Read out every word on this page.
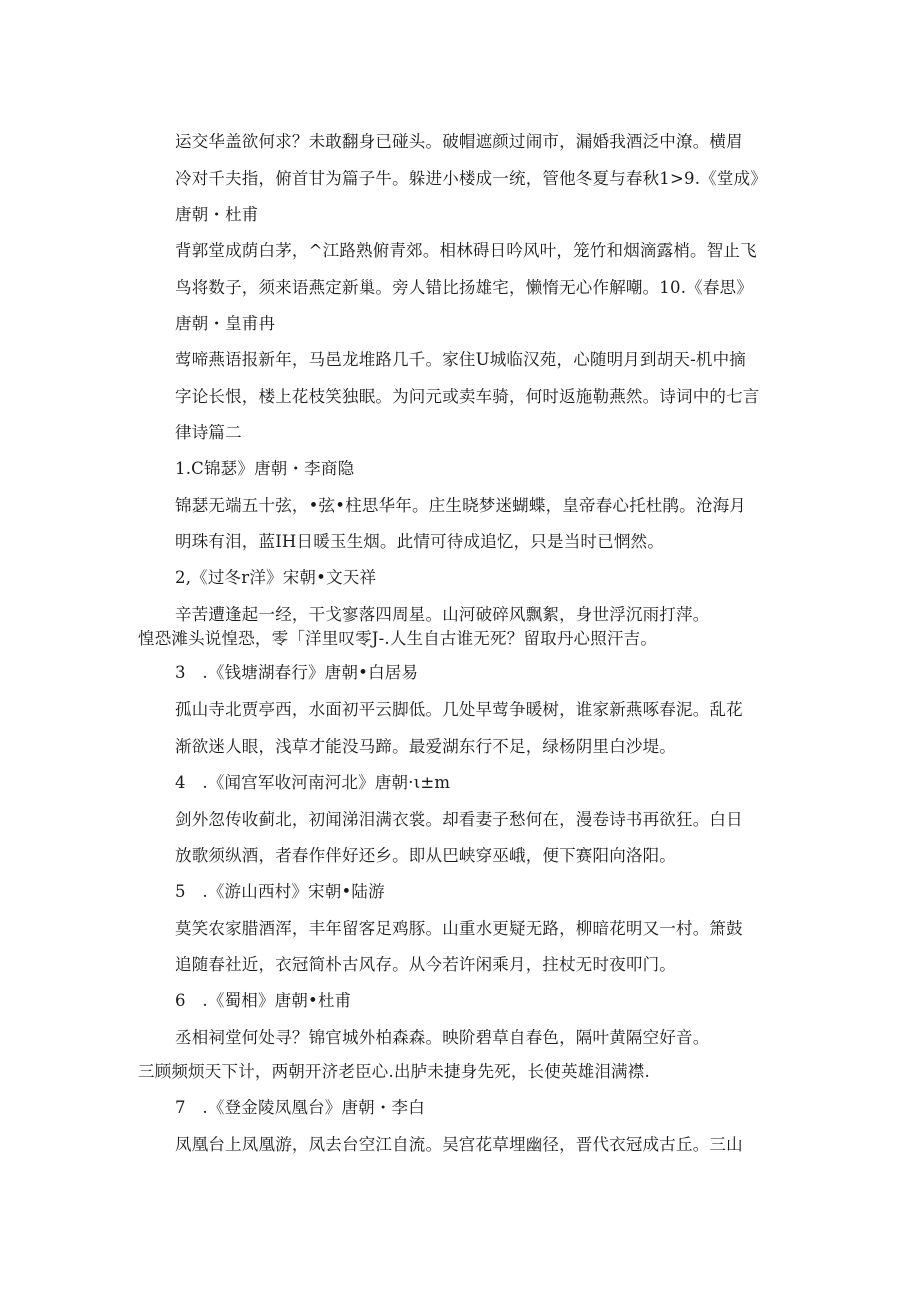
运交华盖欲何求？未敢翻身已碰头。破帽遮颜过闹市，漏婚我酒泛中潦。横眉
冷对千夫指，俯首甘为篇子牛。躲进小楼成一统，管他冬夏与春秋1>9.《堂成》
唐朝・杜甫
背郭堂成荫白茅，^江路熟俯青郊。相林碍日吟风叶，笼竹和烟滴露梢。智止飞
鸟将数子，须来语燕定新巢。旁人错比扬雄宅，懒惰无心作解嘲。10.《春思》
唐朝・皇甫冉
莺啼燕语报新年，马邑龙堆路几千。家住U城临汉苑，心随明月到胡天-机中摘
字论长恨，楼上花枝笑独眠。为问元或卖车骑，何时返施勒燕然。诗词中的七言
律诗篇二
1.C锦瑟》唐朝・李商隐
锦瑟无端五十弦，•弦•柱思华年。庄生晓梦迷蝴蝶，皇帝春心托杜鹃。沧海月
明珠有泪，蓝IH日暖玉生烟。此情可待成追忆，只是当时已惘然。
2,《过冬r洋》宋朝•文天祥
辛苦遭逢起一经，干戈寥落四周星。山河破碎风飘絮，身世浮沉雨打萍。
惶恐滩头说惶恐，零「洋里叹零J-.人生自古谁无死？留取丹心照汗吉。
3　.《钱塘湖春行》唐朝•白居易
孤山寺北贾亭西，水面初平云脚低。几处早莺争暖树，谁家新燕啄春泥。乱花
渐欲迷人眼，浅草才能没马蹄。最爱湖东行不足，绿杨阴里白沙堤。
4　.《闻宫军收河南河北》唐朝·ι±m
剑外忽传收蓟北，初闻涕泪满衣裳。却看妻子愁何在，漫卷诗书再欲狂。白日
放歌须纵酒，者春作伴好还乡。即从巴峡穿巫峨，便下赛阳向洛阳。
5　.《游山西村》宋朝•陆游
莫笑农家腊酒浑，丰年留客足鸡豚。山重水更疑无路，柳暗花明又一村。箫鼓
追随春社近，衣冠简朴古风存。从今若许闲乘月，拄杖无时夜叩门。
6　.《蜀相》唐朝•杜甫
丞相祠堂何处寻？锦官城外柏森森。映阶碧草自春色，隔叶黄隔空好音。
三顾频烦天下计，两朝开济老臣心.出胪未捷身先死，长使英雄泪满襟.
7　.《登金陵凤凰台》唐朝・李白
凤凰台上凤凰游，凤去台空江自流。吴宫花草埋幽径，晋代衣冠成古丘。三山
